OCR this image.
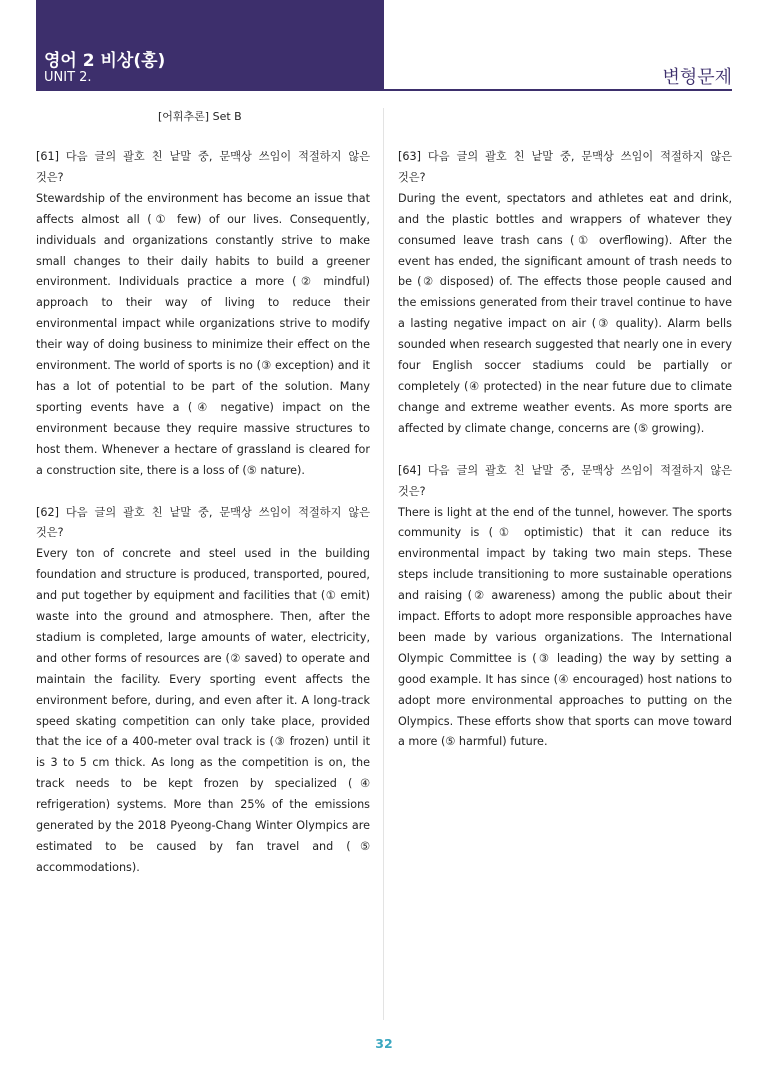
영어 2 비상(홍)
UNIT 2.	변형문제
[어휘추론] Set B
[61] 다음 글의 괄호 친 낱말 중, 문맥상 쓰임이 적절하지 않은 것은?
Stewardship of the environment has become an issue that affects almost all (① few) of our lives. Consequently, individuals and organizations constantly strive to make small changes to their daily habits to build a greener environment. Individuals practice a more (② mindful) approach to their way of living to reduce their environmental impact while organizations strive to modify their way of doing business to minimize their effect on the environment. The world of sports is no (③ exception) and it has a lot of potential to be part of the solution. Many sporting events have a (④ negative) impact on the environment because they require massive structures to host them. Whenever a hectare of grassland is cleared for a construction site, there is a loss of (⑤ nature).
[62] 다음 글의 괄호 친 낱말 중, 문맥상 쓰임이 적절하지 않은 것은?
Every ton of concrete and steel used in the building foundation and structure is produced, transported, poured, and put together by equipment and facilities that (① emit) waste into the ground and atmosphere. Then, after the stadium is completed, large amounts of water, electricity, and other forms of resources are (② saved) to operate and maintain the facility. Every sporting event affects the environment before, during, and even after it. A long-track speed skating competition can only take place, provided that the ice of a 400-meter oval track is (③ frozen) until it is 3 to 5 cm thick. As long as the competition is on, the track needs to be kept frozen by specialized (④ refrigeration) systems. More than 25% of the emissions generated by the 2018 Pyeong-Chang Winter Olympics are estimated to be caused by fan travel and (⑤ accommodations).
[63] 다음 글의 괄호 친 낱말 중, 문맥상 쓰임이 적절하지 않은 것은?
During the event, spectators and athletes eat and drink, and the plastic bottles and wrappers of whatever they consumed leave trash cans (① overflowing). After the event has ended, the significant amount of trash needs to be (② disposed) of. The effects those people caused and the emissions generated from their travel continue to have a lasting negative impact on air (③ quality). Alarm bells sounded when research suggested that nearly one in every four English soccer stadiums could be partially or completely (④ protected) in the near future due to climate change and extreme weather events. As more sports are affected by climate change, concerns are (⑤ growing).
[64] 다음 글의 괄호 친 낱말 중, 문맥상 쓰임이 적절하지 않은 것은?
There is light at the end of the tunnel, however. The sports community is (① optimistic) that it can reduce its environmental impact by taking two main steps. These steps include transitioning to more sustainable operations and raising (② awareness) among the public about their impact. Efforts to adopt more responsible approaches have been made by various organizations. The International Olympic Committee is (③ leading) the way by setting a good example. It has since (④ encouraged) host nations to adopt more environmental approaches to putting on the Olympics. These efforts show that sports can move toward a more (⑤ harmful) future.
32
